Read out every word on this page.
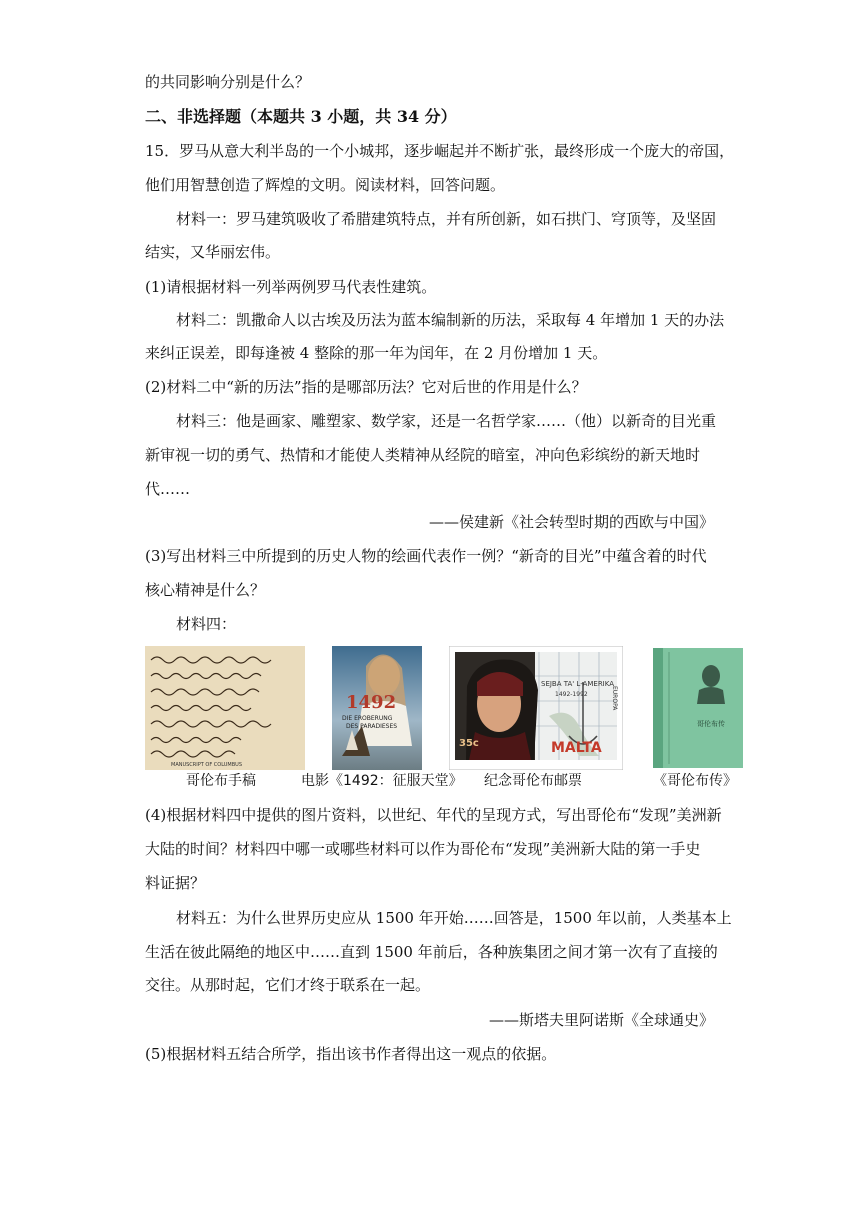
的共同影响分别是什么？
二、非选择题（本题共 3 小题，共 34 分）
15．罗马从意大利半岛的一个小城邦，逐步崛起并不断扩张，最终形成一个庞大的帝国，
他们用智慧创造了辉煌的文明。阅读材料，回答问题。
材料一：罗马建筑吸收了希腊建筑特点，并有所创新，如石拱门、穹顶等，及坚固
结实，又华丽宏伟。
(1)请根据材料一列举两例罗马代表性建筑。
材料二：凯撒命人以古埃及历法为蓝本编制新的历法，采取每 4 年增加 1 天的办法
来纠正误差，即每逢被 4 整除的那一年为闰年，在 2 月份增加 1 天。
(2)材料二中“新的历法”指的是哪部历法？它对后世的作用是什么？
材料三：他是画家、雕塑家、数学家，还是一名哲学家……（他）以新奇的目光重
新审视一切的勇气、热情和才能使人类精神从经院的暗室，冲向色彩缤纷的新天地时
代……
——侯建新《社会转型时期的西欧与中国》
(3)写出材料三中所提到的历史人物的绘画代表作一例？“新奇的目光”中蕴含着的时代
核心精神是什么？
材料四：
MANUSCRIPT OF COLUMBUS
1492
DIE EROBERUNG
DES PARADIESES
SEJBA TA' L-AMERIKA
1492-1992
35c	MALTA
EUROPA
哥伦布传
哥伦布手稿	电影《1492：征服天堂》 纪念哥伦布邮票	《哥伦布传》
(4)根据材料四中提供的图片资料，以世纪、年代的呈现方式，写出哥伦布“发现”美洲新
大陆的时间？材料四中哪一或哪些材料可以作为哥伦布“发现”美洲新大陆的第一手史
料证据？
材料五：为什么世界历史应从 1500 年开始……回答是，1500 年以前，人类基本上
生活在彼此隔绝的地区中……直到 1500 年前后，各种族集团之间才第一次有了直接的
交往。从那时起，它们才终于联系在一起。
——斯塔夫里阿诺斯《全球通史》
(5)根据材料五结合所学，指出该书作者得出这一观点的依据。
